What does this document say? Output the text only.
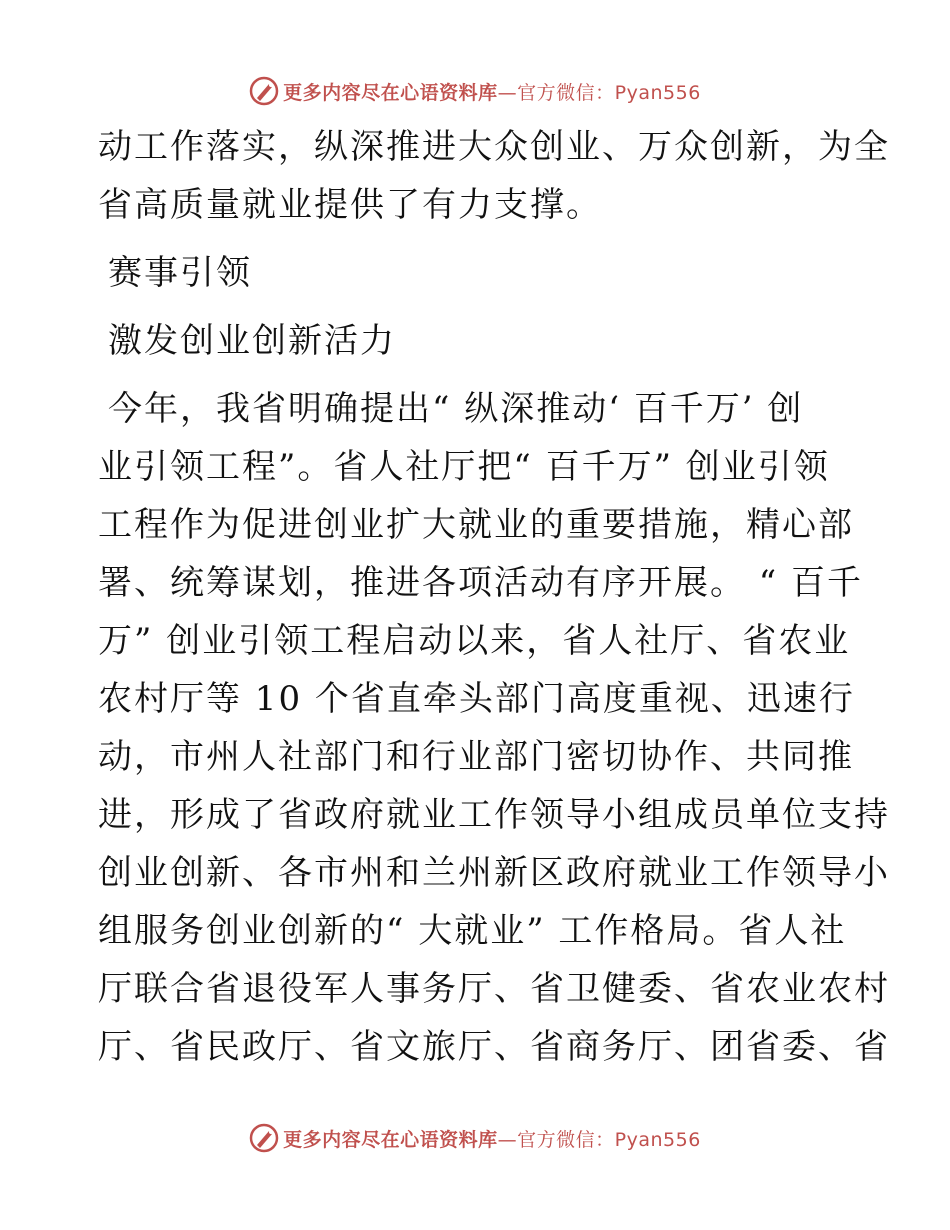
更多内容尽在心语资料库 —官方微信：Pyan556
动工作落实，纵深推进大众创业、万众创新，为全
省高质量就业提供了有力支撑。
赛事引领
激发创业创新活力
今年，我省明确提出“ 纵深推动‘ 百千万’ 创
业引领工程”。省人社厅把“ 百千万” 创业引领
工程作为促进创业扩大就业的重要措施，精心部
署、统筹谋划，推进各项活动有序开展。 “ 百千
万” 创业引领工程启动以来，省人社厅、省农业
农村厅等 10 个省直牵头部门高度重视、迅速行
动，市州人社部门和行业部门密切协作、共同推
进，形成了省政府就业工作领导小组成员单位支持
创业创新、各市州和兰州新区政府就业工作领导小
组服务创业创新的“ 大就业” 工作格局。省人社
厅联合省退役军人事务厅、省卫健委、省农业农村
厅、省民政厅、省文旅厅、省商务厅、团省委、省
更多内容尽在心语资料库 —官方微信：Pyan556
